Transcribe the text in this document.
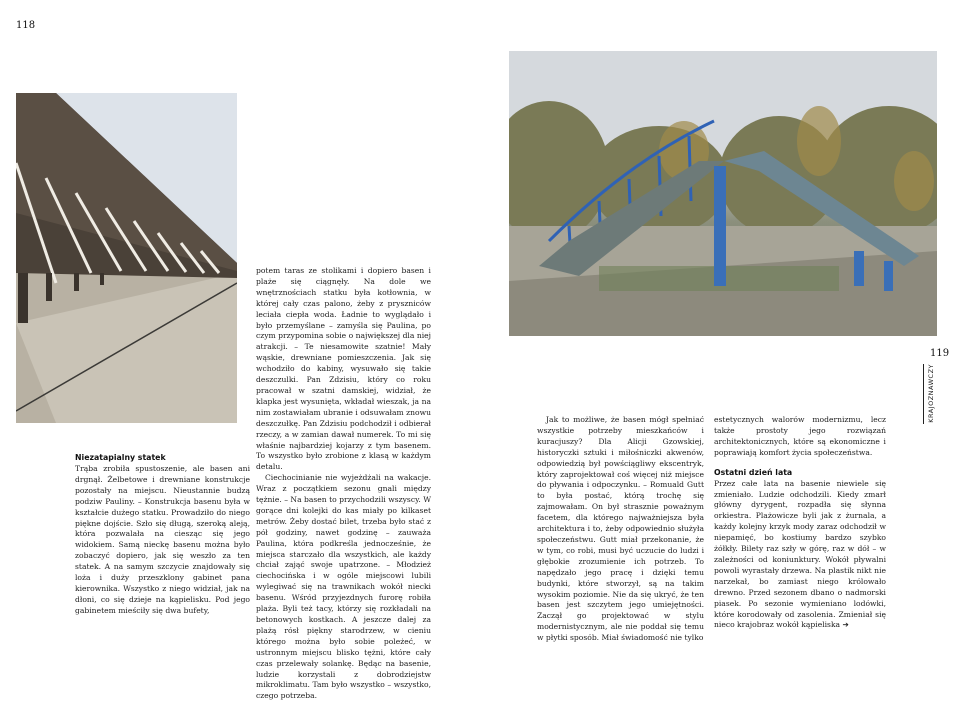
118
119
KRAJOZNAWCZY
Niezatapialny statek

Trąba zrobiła spustoszenie, ale basen ani drgnął. Żelbetowe i drewniane konstrukcje pozostały na miejscu. Nieustannie budzą podziw Pauliny. – Konstrukcja basenu była w kształcie dużego statku. Prowadziło do niego piękne dojście. Szło się długą, szeroką aleją, która pozwalała na ciesząc się jego widokiem. Samą nieckę basenu można było zobaczyć dopiero, jak się weszło za ten statek. A na samym szczycie znajdowały się loża i duży przeszklony gabinet pana kierownika. Wszystko z niego widział, jak na dłoni, co się dzieje na kąpielisku. Pod jego gabinetem mieściły się dwa bufety,

potem taras ze stolikami i dopiero basen i plaże się ciągnęły. Na dole we wnętrznościach statku była kotłownia, w której cały czas palono, żeby z pryszniców leciała ciepła woda. Ładnie to wyglądało i było przemyślane – zamyśla się Paulina, po czym przypomina sobie o największej dla niej atrakcji. – Te niesamowite szatnie! Mały wąskie, drewniane pomieszczenia. Jak się wchodziło do kabiny, wysuwało się takie deszczulki. Pan Zdzisiu, który co roku pracował w szatni damskiej, widział, że klapka jest wysunięta, wkładał wieszak, ja na nim zostawiałam ubranie i odsuwałam znowu deszczułkę. Pan Zdzisiu podchodził i odbierał rzeczy, a w zamian dawał numerek. To mi się właśnie najbardziej kojarzy z tym basenem. To wszystko było zrobione z klasą w każdym detalu.

Ciechocinianie nie wyjeżdżali na wakacje. Wraz z początkiem sezonu gnali między tężnie. – Na basen to przychodzili wszyscy. W gorące dni kolejki do kas miały po kilkaset metrów. Żeby dostać bilet, trzeba było stać z pół godziny, nawet godzinę – zauważa Paulina, która podkreśla jednocześnie, że miejsca starczało dla wszystkich, ale każdy chciał zająć swoje upatrzone. – Młodzież ciechocińska i w ogóle miejscowi lubili wylegiwać się na trawnikach wokół niecki basenu. Wśród przyjezdnych furorę robiła plaża. Byli też tacy, którzy się rozkładali na betonowych kostkach. A jeszcze dalej za plażą rósł piękny starodrzew, w cieniu którego można było sobie poleżeć, w ustronnym miejscu blisko tężni, które cały czas przelewały solankę. Będąc na basenie, ludzie korzystali z dobrodziejstw mikroklimatu. Tam było wszystko – wszystko, czego potrzeba.

Jak to możliwe, że basen mógł spełniać wszystkie potrzeby mieszkańców i kuracjuszy? Dla Alicji Gzowskiej, historyczki sztuki i miłośniczki akwenów, odpowiedzią był powściągliwy ekscentryk, który zaprojektował coś więcej niż miejsce do pływania i odpoczynku. – Romuald Gutt to była postać, którą trochę się zajmowałam. On był strasznie poważnym facetem, dla którego najważniejsza była architektura i to, żeby odpowiednio służyła społeczeństwu. Gutt miał przekonanie, że w tym, co robi, musi być uczucie do ludzi i głębokie zrozumienie ich potrzeb. To napędzało jego pracę i dzięki temu budynki, które stworzył, są na takim wysokim poziomie. Nie da się ukryć, że ten basen jest szczytem jego umiejętności. Zaczął go projektować w stylu modernistycznym, ale nie poddał się temu w płytki sposób. Miał świadomość nie tylko

estetycznych walorów modernizmu, lecz także prostoty jego rozwiązań architektonicznych, które są ekonomiczne i poprawiają komfort życia społeczeństwa.

Ostatni dzień lata

Przez całe lata na basenie niewiele się zmieniało. Ludzie odchodzili. Kiedy zmarł główny dyrygent, rozpadła się słynna orkiestra. Plażowicze byli jak z żurnala, a każdy kolejny krzyk mody zaraz odchodził w niepamięć, bo kostiumy bardzo szybko żółkły. Bilety raz szły w górę, raz w dół – w zależności od koniunktury. Wokół pływalni powoli wyrastały drzewa. Na plastik nikt nie narzekał, bo zamiast niego królowało drewno. Przed sezonem dbano o nadmorski piasek. Po sezonie wymieniano lodówki, które korodowały od zasolenia. Zmieniał się nieco krajobraz wokół kąpieliska ➔
